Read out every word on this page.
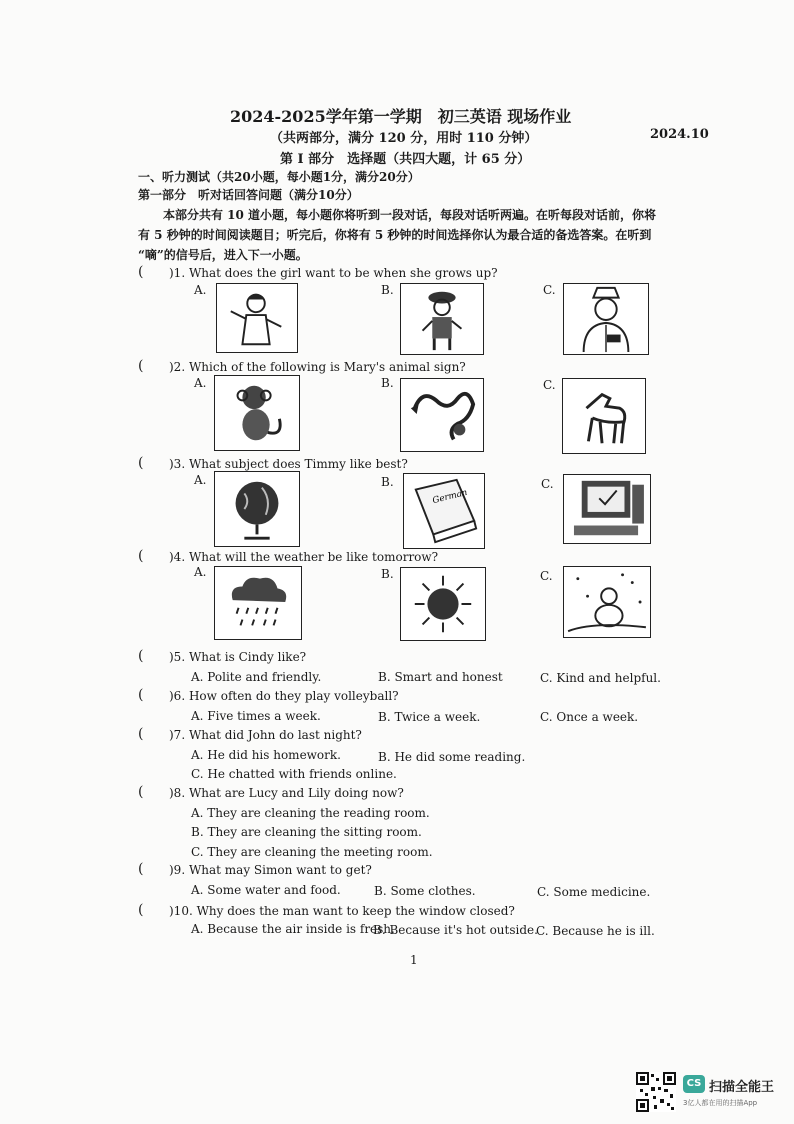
2024-2025学年第一学期　初三英语 现场作业
（共两部分，满分 120 分，用时 110 分钟）	2024.10
第 I 部分　选择题（共四大题，计 65 分）
一、听力测试（共20小题，每小题1分，满分20分）
第一部分　听对话回答问题（满分10分）
本部分共有 10 道小题，每小题你将听到一段对话，每段对话听两遍。在听每段对话前，你将
有 5 秒钟的时间阅读题目；听完后，你将有 5 秒钟的时间选择你认为最合适的备选答案。在听到
“嘀”的信号后，进入下一小题。
( )1. What does the girl want to be when she grows up?
A.	B.	C.
( )2. Which of the following is Mary's animal sign?
A.	B.	C.
( )3. What subject does Timmy like best?
A.	B.	C.
German
( )4. What will the weather be like tomorrow?
A.	B.	C.
( )5. What is Cindy like?
A. Polite and friendly.	B. Smart and honest	C. Kind and helpful.
( )6. How often do they play volleyball?
A. Five times a week.	B. Twice a week.	C. Once a week.
( )7. What did John do last night?
A. He did his homework.	B. He did some reading.
C. He chatted with friends online.
( )8. What are Lucy and Lily doing now?
A. They are cleaning the reading room.
B. They are cleaning the sitting room.
C. They are cleaning the meeting room.
( )9. What may Simon want to get?
A. Some water and food.	B. Some clothes.	C. Some medicine.
( )10. Why does the man want to keep the window closed?
A. Because the air inside is fresh.
B. Because it's hot outside.
C. Because he is ill.
1
CS 扫描全能王
3亿人都在用的扫描App
